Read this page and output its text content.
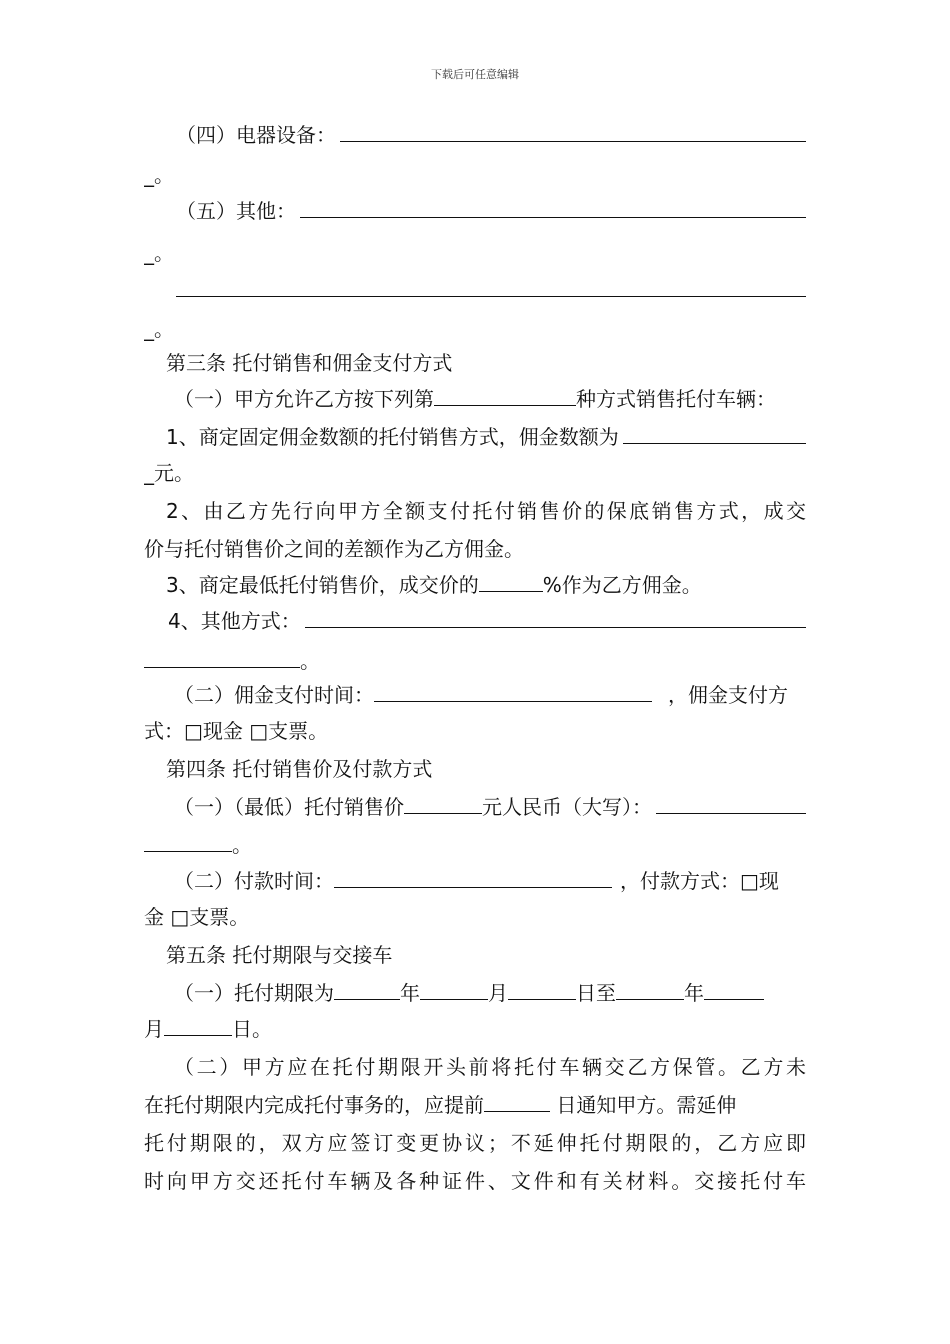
下载后可任意编辑
（四）电器设备：
_。
（五）其他：
_。
_。
第三条 托付销售和佣金支付方式
（一）甲方允许乙方按下列第	种方式销售托付车辆：
1、商定固定佣金数额的托付销售方式，佣金数额为
_元。
2、由乙方先行向甲方全额支付托付销售价的保底销售方式，成交
价与托付销售价之间的差额作为乙方佣金。
3、商定最低托付销售价，成交价的	%作为乙方佣金。
4、其他方式：
。
（二）佣金支付时间：	，佣金支付方
式：□现金 □支票。
第四条 托付销售价及付款方式
（一）（最低）托付销售价	元人民币（大写）：
。
（二）付款时间：	，付款方式：□现
金 □支票。
第五条 托付期限与交接车
（一）托付期限为	年	月	日至	年
月	日。
（二）甲方应在托付期限开头前将托付车辆交乙方保管。乙方未
在托付期限内完成托付事务的，应提前	日通知甲方。需延伸
托付期限的，双方应签订变更协议；不延伸托付期限的，乙方应即
时向甲方交还托付车辆及各种证件、文件和有关材料。交接托付车
